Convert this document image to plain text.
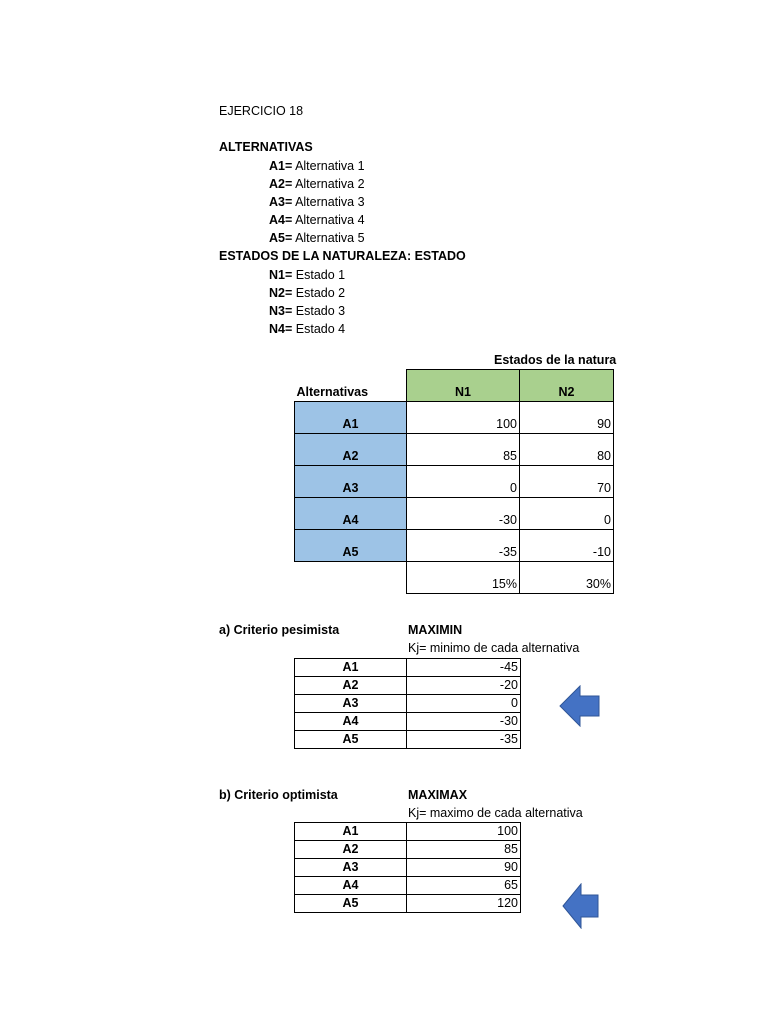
EJERCICIO 18
ALTERNATIVAS
A1= Alternativa 1
A2= Alternativa 2
A3= Alternativa 3
A4= Alternativa 4
A5= Alternativa 5
ESTADOS DE LA NATURALEZA: ESTADO
N1= Estado 1
N2= Estado 2
N3= Estado 3
N4= Estado 4
Estados de la natura
Alternativas	N1	N2
A1	100	90
A2	85	80
A3	0	70
A4	-30	0
A5	-35	-10
	15%	30%
a) Criterio pesimista	MAXIMIN
Kj= minimo de cada alternativa
A1	-45
A2	-20
A3	0
A4	-30
A5	-35
b) Criterio optimista	MAXIMAX
Kj= maximo de cada alternativa
A1	100
A2	85
A3	90
A4	65
A5	120
